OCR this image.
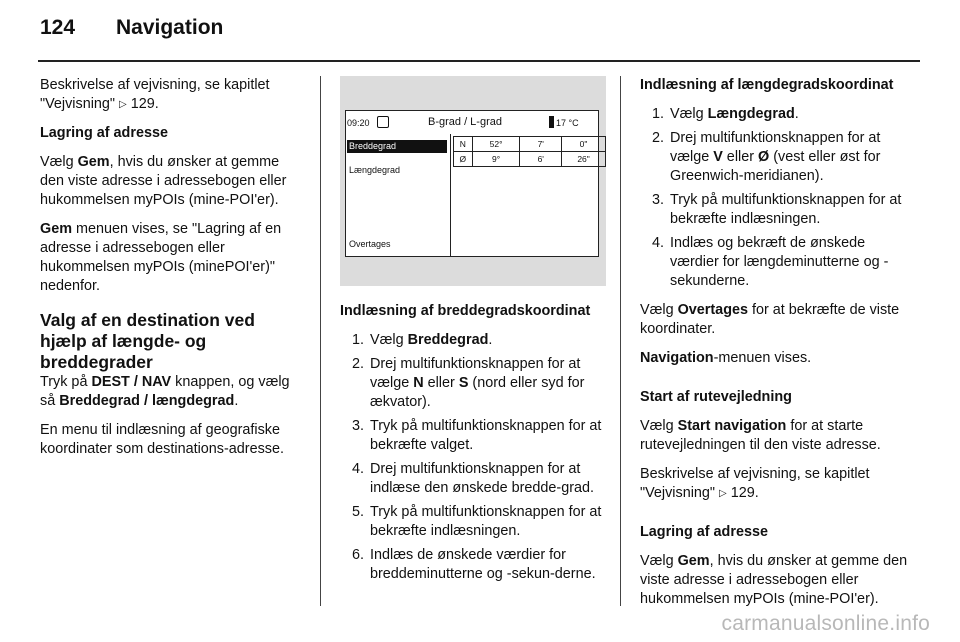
124	Navigation

Beskrivelse af vejvisning, se kapitlet "Vejvisning" ▷ 129.

Lagring af adresse

Vælg Gem, hvis du ønsker at gemme den viste adresse i adressebogen eller hukommelsen myPOIs (mine-POI'er).

Gem menuen vises, se "Lagring af en adresse i adressebogen eller hukommelsen myPOIs (minePOI'er)" nedenfor.

Valg af en destination ved hjælp af længde- og breddegrader

Tryk på DEST / NAV knappen, og vælg så Breddegrad / længdegrad.

En menu til indlæsning af geografiske koordinater som destinations-adresse.

09:20	B-grad / L-grad	17 °C
Breddegrad
Længdegrad
Overtages
N	52°	7'	0"
Ø	9°	6'	26"

Indlæsning af breddegradskoordinat

1. Vælg Breddegrad.
2. Drej multifunktionsknappen for at vælge N eller S (nord eller syd for ækvator).
3. Tryk på multifunktionsknappen for at bekræfte valget.
4. Drej multifunktionsknappen for at indlæse den ønskede bredde-grad.
5. Tryk på multifunktionsknappen for at bekræfte indlæsningen.
6. Indlæs de ønskede værdier for breddeminutterne og -sekun-derne.

Indlæsning af længdegradskoordinat

1. Vælg Længdegrad.
2. Drej multifunktionsknappen for at vælge V eller Ø (vest eller øst for Greenwich-meridianen).
3. Tryk på multifunktionsknappen for at bekræfte indlæsningen.
4. Indlæs og bekræft de ønskede værdier for længdeminutterne og -sekunderne.

Vælg Overtages for at bekræfte de viste koordinater.

Navigation-menuen vises.

Start af rutevejledning

Vælg Start navigation for at starte rutevejledningen til den viste adresse.

Beskrivelse af vejvisning, se kapitlet "Vejvisning" ▷ 129.

Lagring af adresse

Vælg Gem, hvis du ønsker at gemme den viste adresse i adressebogen eller hukommelsen myPOIs (mine-POI'er).

carmanualsonline.info
